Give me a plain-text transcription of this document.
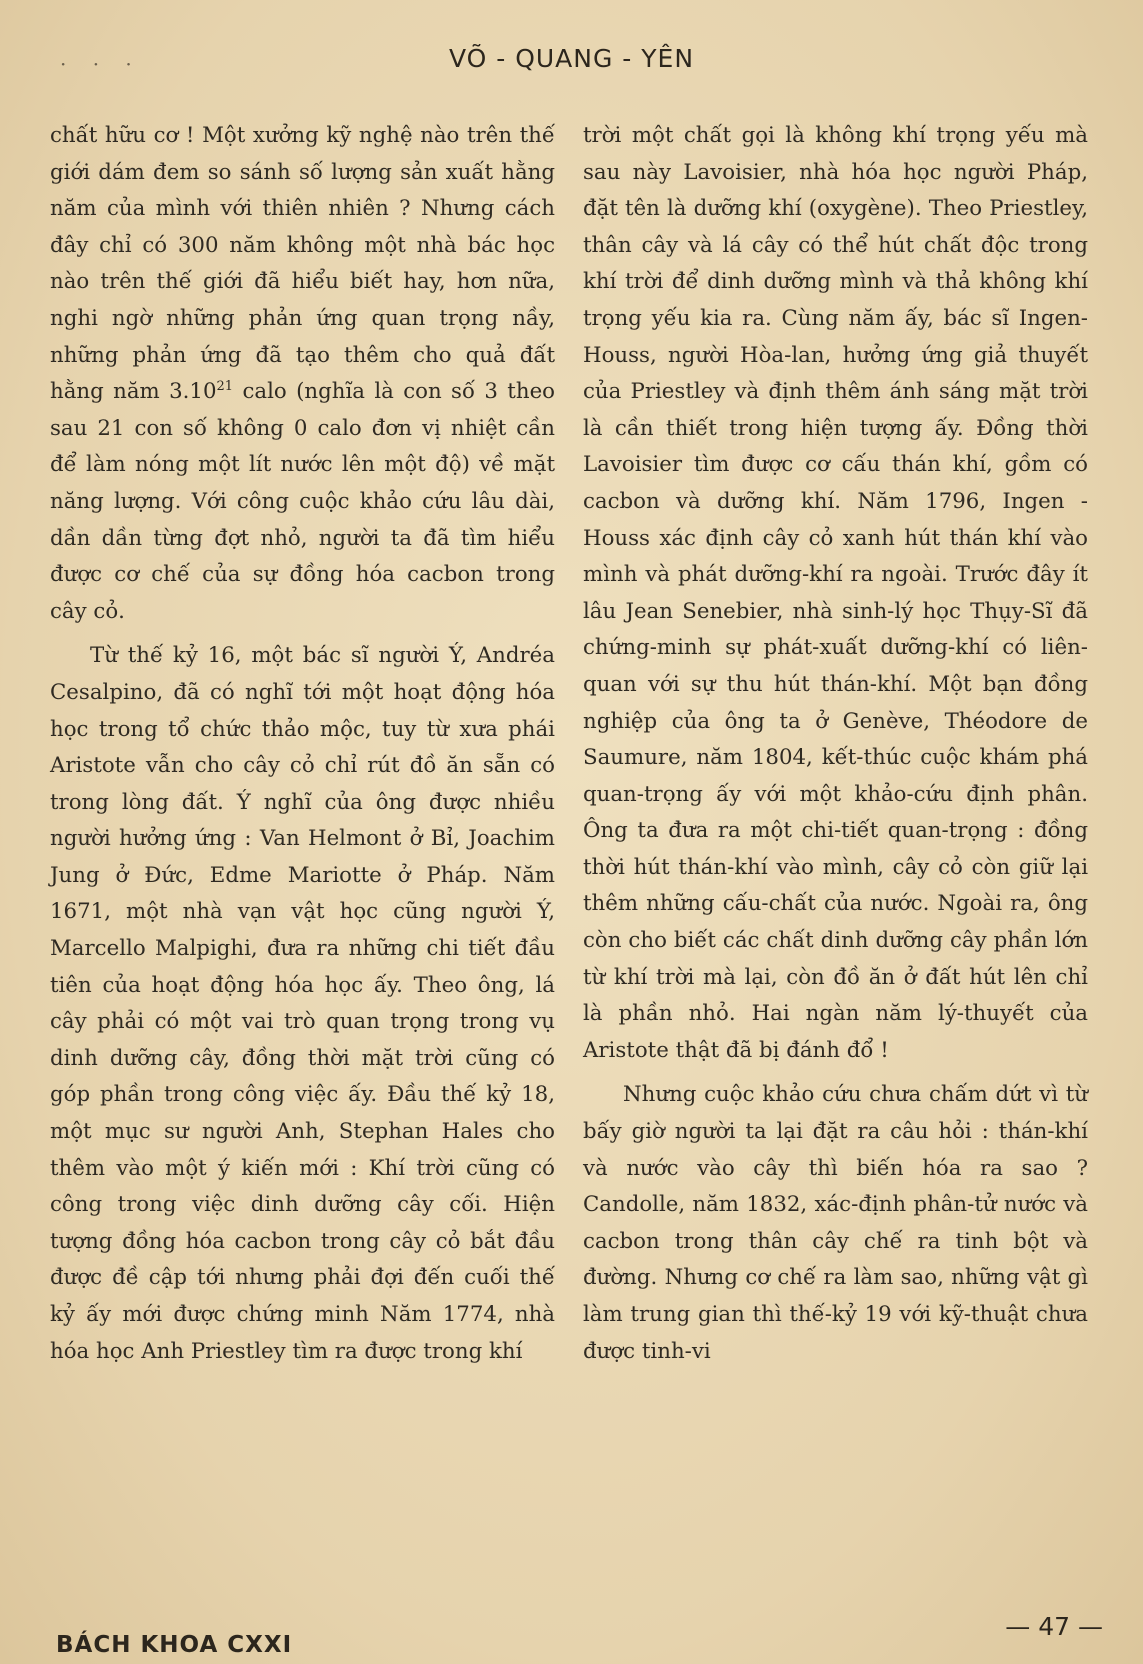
· · ·	VÕ - QUANG - YÊN

chất hữu cơ ! Một xưởng kỹ nghệ nào trên thế giới dám đem so sánh số lượng sản xuất hằng năm của mình với thiên nhiên ? Nhưng cách đây chỉ có 300 năm không một nhà bác học nào trên thế giới đã hiểu biết hay, hơn nữa, nghi ngờ những phản ứng quan trọng nầy, những phản ứng đã tạo thêm cho quả đất hằng năm 3.10$^{21}$ calo (nghĩa là con số 3 theo sau 21 con số không 0 calo đơn vị nhiệt cần để làm nóng một lít nước lên một độ) về mặt năng lượng. Với công cuộc khảo cứu lâu dài, dần dần từng đợt nhỏ, người ta đã tìm hiểu được cơ chế của sự đồng hóa cacbon trong cây cỏ.

Từ thế kỷ 16, một bác sĩ người Ý, Andréa Cesalpino, đã có nghĩ tới một hoạt động hóa học trong tổ chức thảo mộc, tuy từ xưa phái Aristote vẫn cho cây cỏ chỉ rút đồ ăn sẵn có trong lòng đất. Ý nghĩ của ông được nhiều người hưởng ứng : Van Helmont ở Bỉ, Joachim Jung ở Đức, Edme Mariotte ở Pháp. Năm 1671, một nhà vạn vật học cũng người Ý, Marcello Malpighi, đưa ra những chi tiết đầu tiên của hoạt động hóa học ấy. Theo ông, lá cây phải có một vai trò quan trọng trong vụ dinh dưỡng cây, đồng thời mặt trời cũng có góp phần trong công việc ấy. Đầu thế kỷ 18, một mục sư người Anh, Stephan Hales cho thêm vào một ý kiến mới : Khí trời cũng có công trong việc dinh dưỡng cây cối. Hiện tượng đồng hóa cacbon trong cây cỏ bắt đầu được đề cập tới nhưng phải đợi đến cuối thế kỷ ấy mới được chứng minh Năm 1774, nhà hóa học Anh Priestley tìm ra được trong khí

trời một chất gọi là không khí trọng yếu mà sau này Lavoisier, nhà hóa học người Pháp, đặt tên là dưỡng khí (oxygène). Theo Priestley, thân cây và lá cây có thể hút chất độc trong khí trời để dinh dưỡng mình và thả không khí trọng yếu kia ra. Cùng năm ấy, bác sĩ Ingen-Houss, người Hòa-lan, hưởng ứng giả thuyết của Priestley và định thêm ánh sáng mặt trời là cần thiết trong hiện tượng ấy. Đồng thời Lavoisier tìm được cơ cấu thán khí, gồm có cacbon và dưỡng khí. Năm 1796, Ingen - Houss xác định cây cỏ xanh hút thán khí vào mình và phát dưỡng-khí ra ngoài. Trước đây ít lâu Jean Senebier, nhà sinh-lý học Thụy-Sĩ đã chứng-minh sự phát-xuất dưỡng-khí có liên-quan với sự thu hút thán-khí. Một bạn đồng nghiệp của ông ta ở Genève, Théodore de Saumure, năm 1804, kết-thúc cuộc khám phá quan-trọng ấy với một khảo-cứu định phân. Ông ta đưa ra một chi-tiết quan-trọng : đồng thời hút thán-khí vào mình, cây cỏ còn giữ lại thêm những cấu-chất của nước. Ngoài ra, ông còn cho biết các chất dinh dưỡng cây phần lớn từ khí trời mà lại, còn đồ ăn ở đất hút lên chỉ là phần nhỏ. Hai ngàn năm lý-thuyết của Aristote thật đã bị đánh đổ !

Nhưng cuộc khảo cứu chưa chấm dứt vì từ bấy giờ người ta lại đặt ra câu hỏi : thán-khí và nước vào cây thì biến hóa ra sao ? Candolle, năm 1832, xác-định phân-tử nước và cacbon trong thân cây chế ra tinh bột và đường. Nhưng cơ chế ra làm sao, những vật gì làm trung gian thì thế-kỷ 19 với kỹ-thuật chưa được tinh-vi

BÁCH KHOA CXXI
— 47 —
